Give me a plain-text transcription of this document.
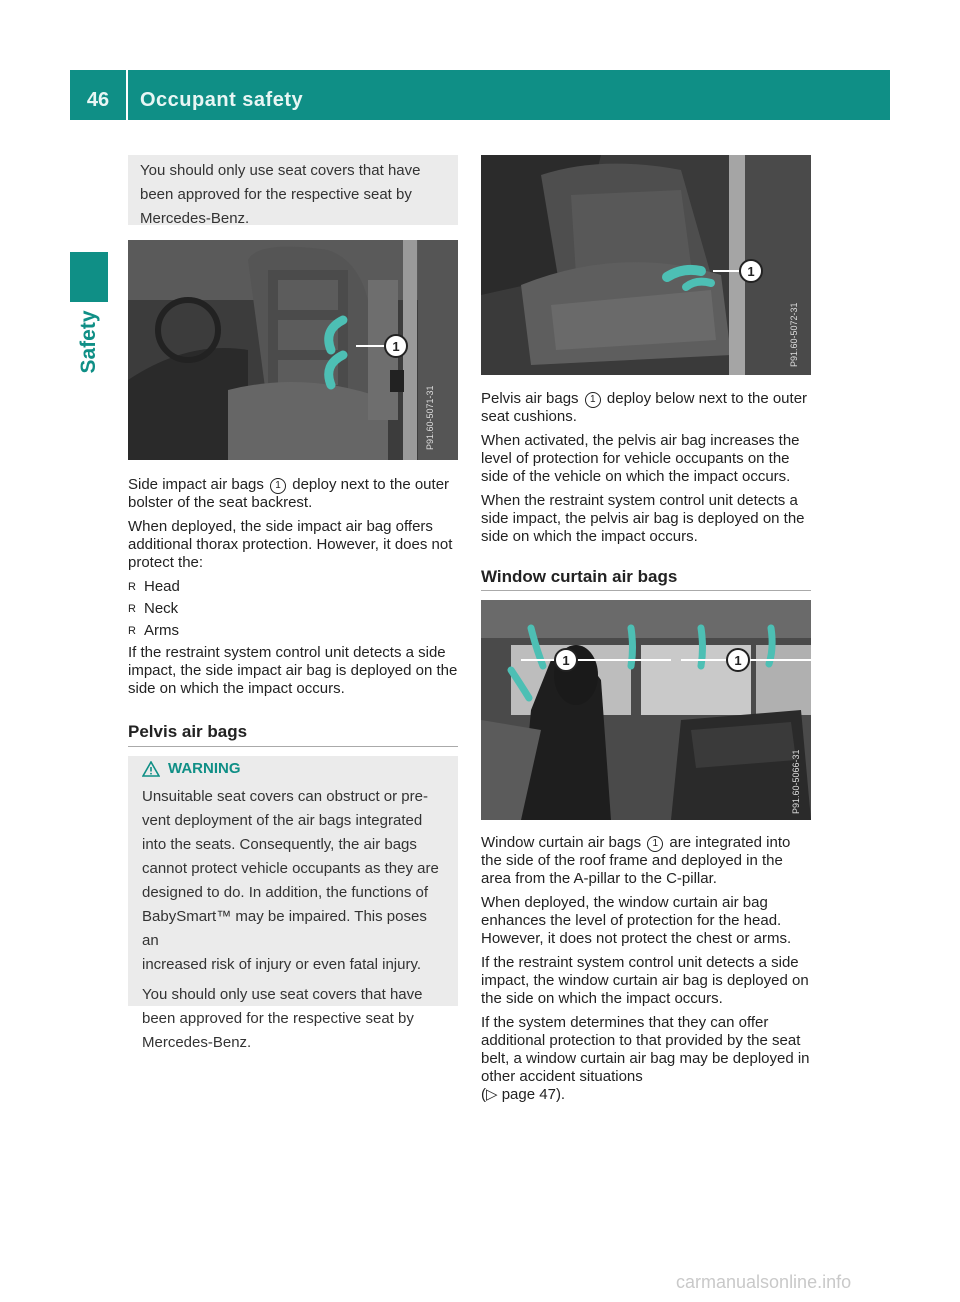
46	Occupant safety
Safety

You should only use seat covers that have

been approved for the respective seat by

Mercedes-Benz.

1
P91.60-5071-31

Side impact air bags 1 deploy next to the outer bolster of the seat backrest.

When deployed, the side impact air bag offers additional thorax protection. However, it does not protect the:

R Head
R Neck
R Arms

If the restraint system control unit detects a side impact, the side impact air bag is deployed on the side on which the impact occurs.

Pelvis air bags
WARNING

Unsuitable seat covers can obstruct or pre-

vent deployment of the air bags integrated

into the seats. Consequently, the air bags

cannot protect vehicle occupants as they are

designed to do. In addition, the functions of

BabySmart™ may be impaired. This poses an

increased risk of injury or even fatal injury.

You should only use seat covers that have

been approved for the respective seat by

Mercedes-Benz.

1
P91.60-5072-31

Pelvis air bags 1 deploy below next to the outer seat cushions.

When activated, the pelvis air bag increases the level of protection for vehicle occupants on the side of the vehicle on which the impact occurs.

When the restraint system control unit detects a side impact, the pelvis air bag is deployed on the side on which the impact occurs.

Window curtain air bags
1	1
P91.60-5066-31

Window curtain air bags 1 are integrated into the side of the roof frame and deployed in the area from the A-pillar to the C-pillar.

When deployed, the window curtain air bag enhances the level of protection for the head. However, it does not protect the chest or arms.

If the restraint system control unit detects a side impact, the window curtain air bag is deployed on the side on which the impact occurs.

If the system determines that they can offer additional protection to that provided by the seat belt, a window curtain air bag may be deployed in other accident situations
(▷ page 47).

carmanualsonline.info
